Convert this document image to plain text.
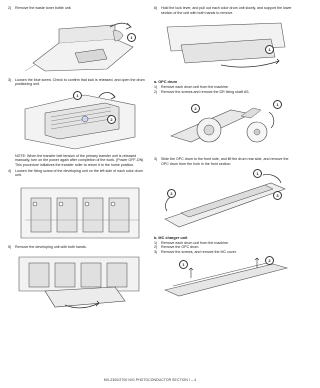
2)	Remove the waste toner bottle unit.

1

3)	Loosen the blue screw. Check to confirm that lock is released, and open the drum positioning unit.

1
2

NOTE: When the transfer belt tension of the primary transfer unit is released manually, turn on the power again after completion of the work. (Power OFF-ON) This procedure initializes the transfer roller to return it to the home position.

4)	Loosen the fixing screw of the developing unit on the left side of each color drum unit.

5)	Remove the developing unit with both hands.

6)	Hold the lock lever, and pull out each color drum unit slowly, and support the lower section of the unit with both hands to remove.

1

a. OPC drum

1)	Remove each drum unit from the machine.

2)	Remove the screws and remove the DR fixing shaft AS.

2
1

3)	Slide the OPC drum to the front side, and lift the drum rear side, and remove the OPC drum from the hole in the front section.

2
1
3

b. MC charger unit

1)	Remove each drum unit from the machine.

2)	Remove the OPC drum.

3)	Remove the screws, and remove the MC cover.

1
2
MX-2300/2700 N/G PHOTOCONDUCTOR SECTION I – 4
